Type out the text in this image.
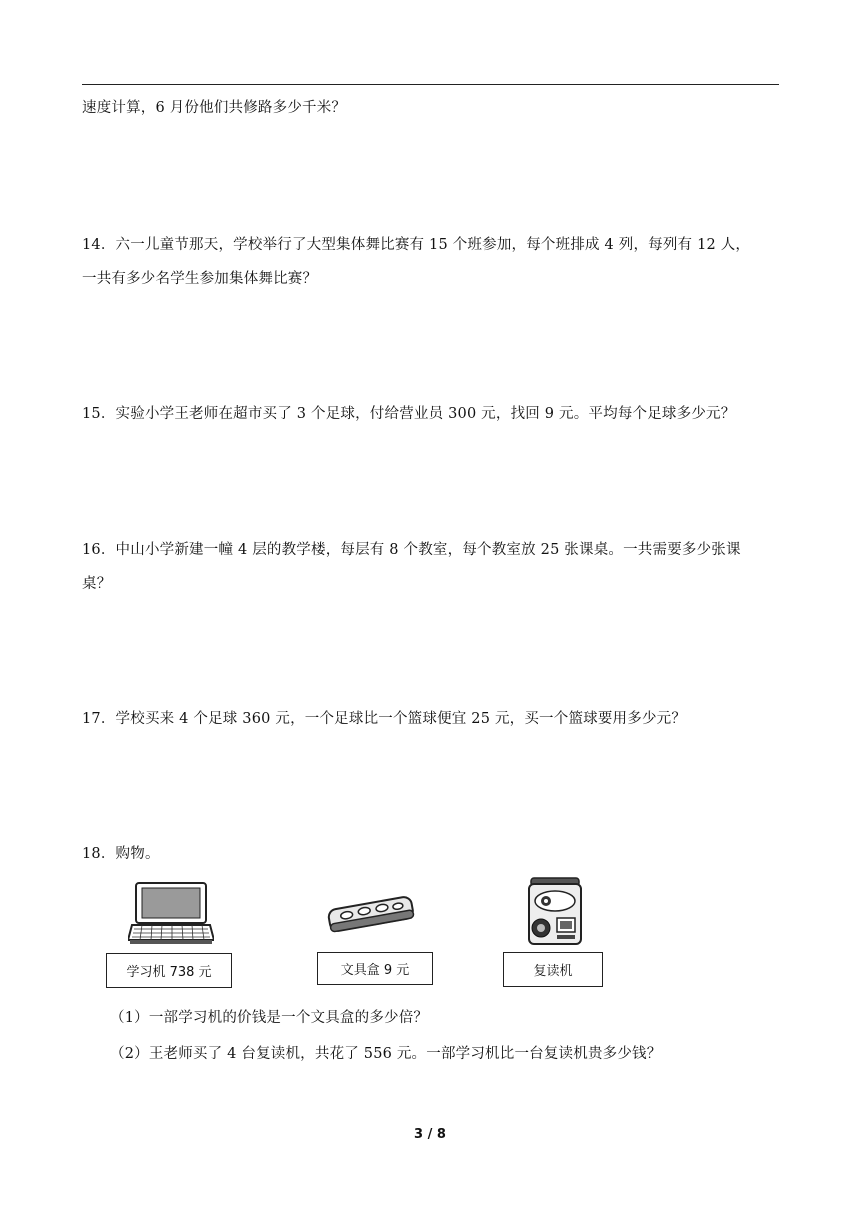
速度计算，6 月份他们共修路多少千米？
14．六一儿童节那天，学校举行了大型集体舞比赛有 15 个班参加，每个班排成 4 列，每列有 12 人，
一共有多少名学生参加集体舞比赛？
15．实验小学王老师在超市买了 3 个足球，付给营业员 300 元，找回 9 元。平均每个足球多少元？
16．中山小学新建一幢 4 层的教学楼，每层有 8 个教室，每个教室放 25 张课桌。一共需要多少张课
桌？
17．学校买来 4 个足球 360 元，一个足球比一个篮球便宜 25 元，买一个篮球要用多少元？
18．购物。
学习机 738 元	文具盒 9 元	复读机
（1）一部学习机的价钱是一个文具盒的多少倍？
（2）王老师买了 4 台复读机，共花了 556 元。一部学习机比一台复读机贵多少钱？
3 / 8
